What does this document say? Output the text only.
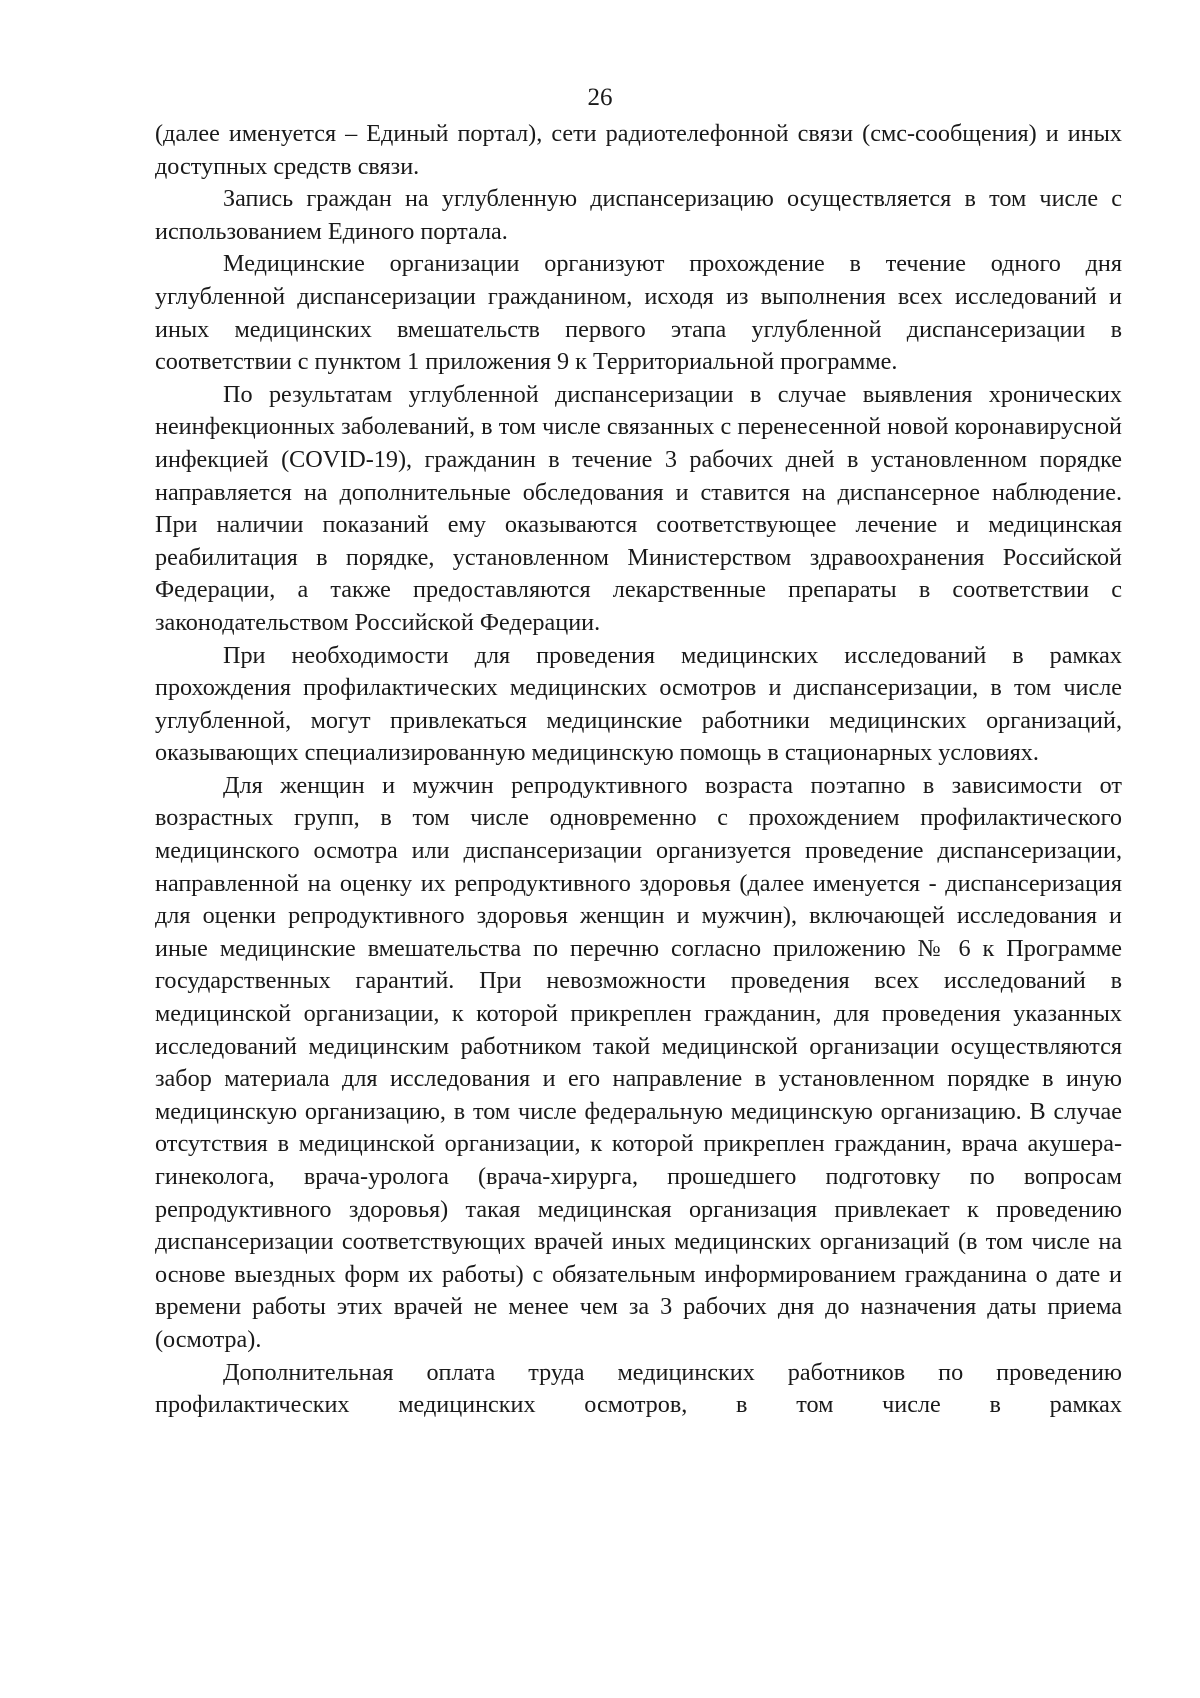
26

(далее именуется – Единый портал), сети радиотелефонной связи (смс-сообщения) и иных доступных средств связи.

Запись граждан на углубленную диспансеризацию осуществляется в том числе с использованием Единого портала.

Медицинские организации организуют прохождение в течение одного дня углубленной диспансеризации гражданином, исходя из выполнения всех исследований и иных медицинских вмешательств первого этапа углубленной диспансеризации в соответствии с пунктом 1 приложения 9 к Территориальной программе.

По результатам углубленной диспансеризации в случае выявления хронических неинфекционных заболеваний, в том числе связанных с перенесенной новой коронавирусной инфекцией (COVID-19), гражданин в течение 3 рабочих дней в установленном порядке направляется на дополнительные обследования и ставится на диспансерное наблюдение. При наличии показаний ему оказываются соответствующее лечение и медицинская реабилитация в порядке, установленном Министерством здравоохранения Российской Федерации, а также предоставляются лекарственные препараты в соответствии с законодательством Российской Федерации.

При необходимости для проведения медицинских исследований в рамках прохождения профилактических медицинских осмотров и диспансеризации, в том числе углубленной, могут привлекаться медицинские работники медицинских организаций, оказывающих специализированную медицинскую помощь в стационарных условиях.

Для женщин и мужчин репродуктивного возраста поэтапно в зависимости от возрастных групп, в том числе одновременно с прохождением профилактического медицинского осмотра или диспансеризации организуется проведение диспансеризации, направленной на оценку их репродуктивного здоровья (далее именуется - диспансеризация для оценки репродуктивного здоровья женщин и мужчин), включающей исследования и иные медицинские вмешательства по перечню согласно приложению № 6 к Программе государственных гарантий. При невозможности проведения всех исследований в медицинской организации, к которой прикреплен гражданин, для проведения указанных исследований медицинским работником такой медицинской организации осуществляются забор материала для исследования и его направление в установленном порядке в иную медицинскую организацию, в том числе федеральную медицинскую организацию. В случае отсутствия в медицинской организации, к которой прикреплен гражданин, врача акушера-гинеколога, врача-уролога (врача-хирурга, прошедшего подготовку по вопросам репродуктивного здоровья) такая медицинская организация привлекает к проведению диспансеризации соответствующих врачей иных медицинских организаций (в том числе на основе выездных форм их работы) с обязательным информированием гражданина о дате и времени работы этих врачей не менее чем за 3 рабочих дня до назначения даты приема (осмотра).

Дополнительная оплата труда медицинских работников по проведению профилактических медицинских осмотров, в том числе в рамках
